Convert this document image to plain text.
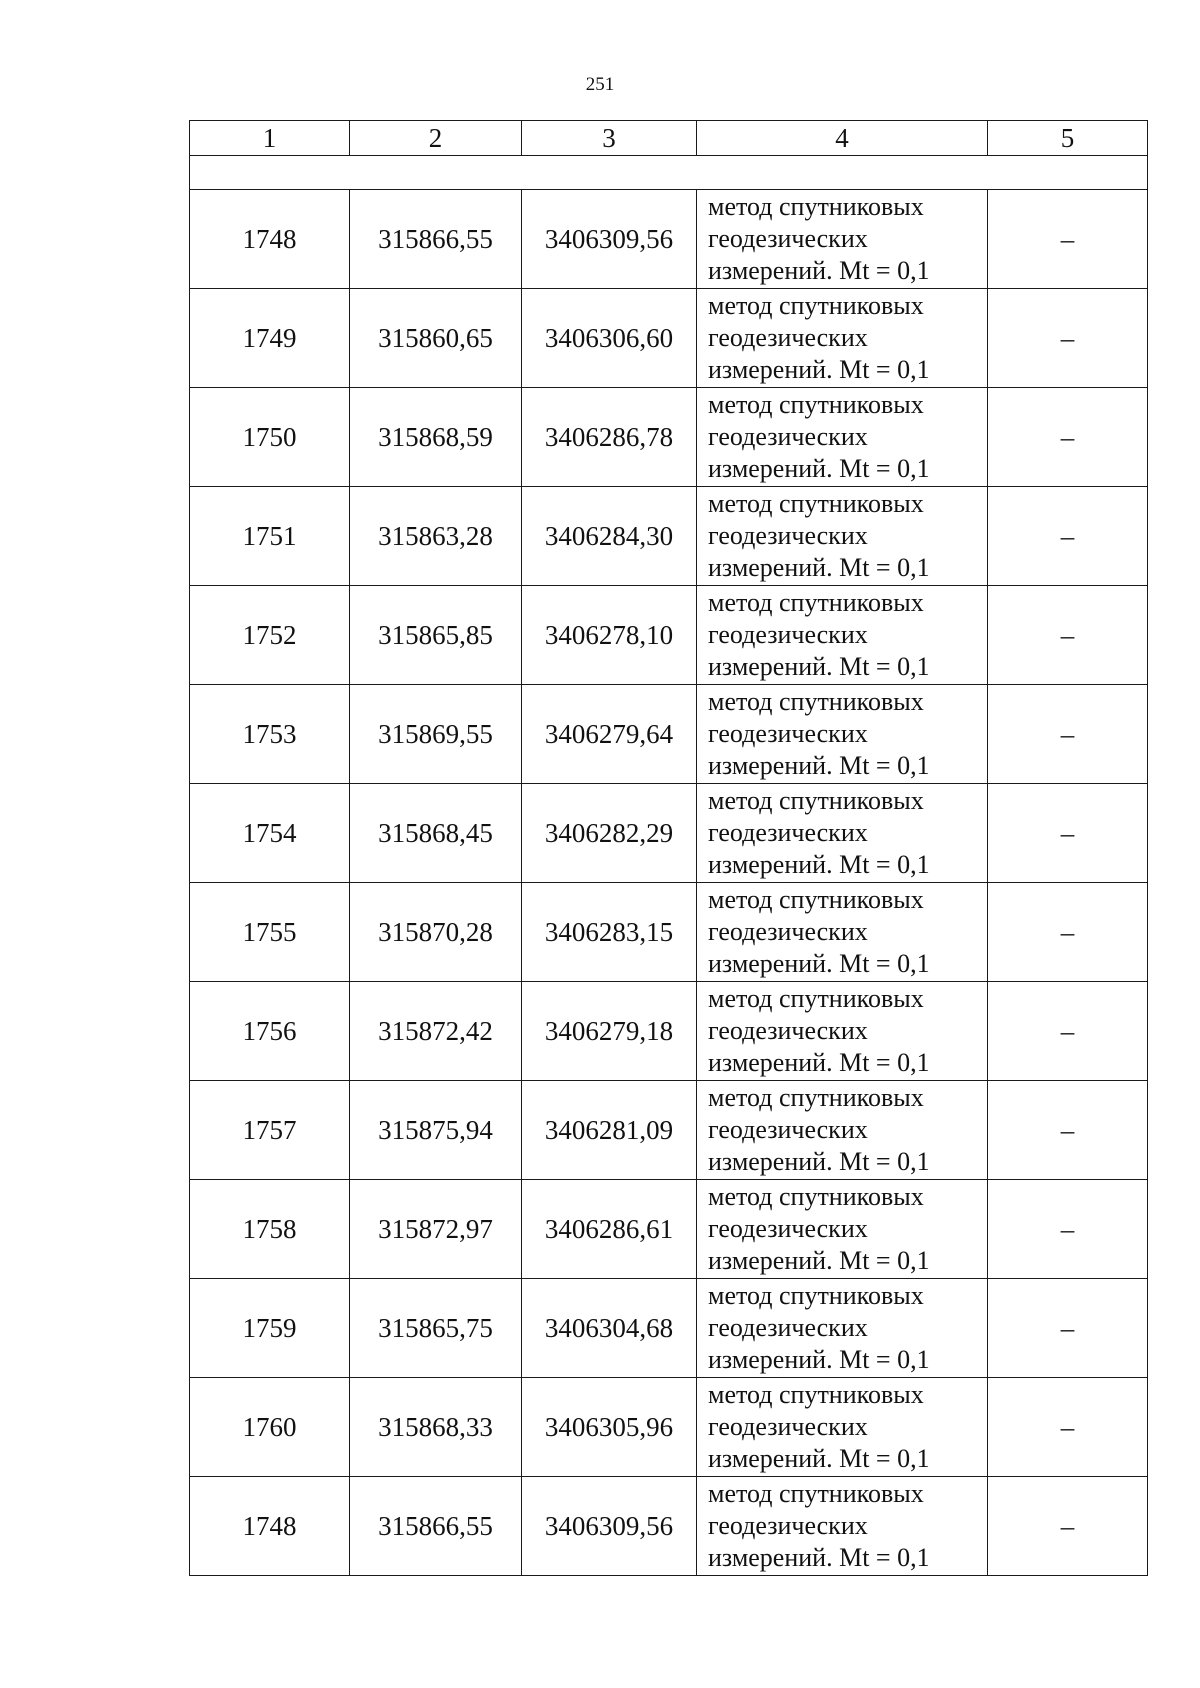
251
1	2	3	4	5

1748	315866,55	3406309,56	метод спутниковых
геодезических
измерений. Mt = 0,1	–
1749	315860,65	3406306,60	метод спутниковых
геодезических
измерений. Mt = 0,1	–
1750	315868,59	3406286,78	метод спутниковых
геодезических
измерений. Mt = 0,1	–
1751	315863,28	3406284,30	метод спутниковых
геодезических
измерений. Mt = 0,1	–
1752	315865,85	3406278,10	метод спутниковых
геодезических
измерений. Mt = 0,1	–
1753	315869,55	3406279,64	метод спутниковых
геодезических
измерений. Mt = 0,1	–
1754	315868,45	3406282,29	метод спутниковых
геодезических
измерений. Mt = 0,1	–
1755	315870,28	3406283,15	метод спутниковых
геодезических
измерений. Mt = 0,1	–
1756	315872,42	3406279,18	метод спутниковых
геодезических
измерений. Mt = 0,1	–
1757	315875,94	3406281,09	метод спутниковых
геодезических
измерений. Mt = 0,1	–
1758	315872,97	3406286,61	метод спутниковых
геодезических
измерений. Mt = 0,1	–
1759	315865,75	3406304,68	метод спутниковых
геодезических
измерений. Mt = 0,1	–
1760	315868,33	3406305,96	метод спутниковых
геодезических
измерений. Mt = 0,1	–
1748	315866,55	3406309,56	метод спутниковых
геодезических
измерений. Mt = 0,1	–
